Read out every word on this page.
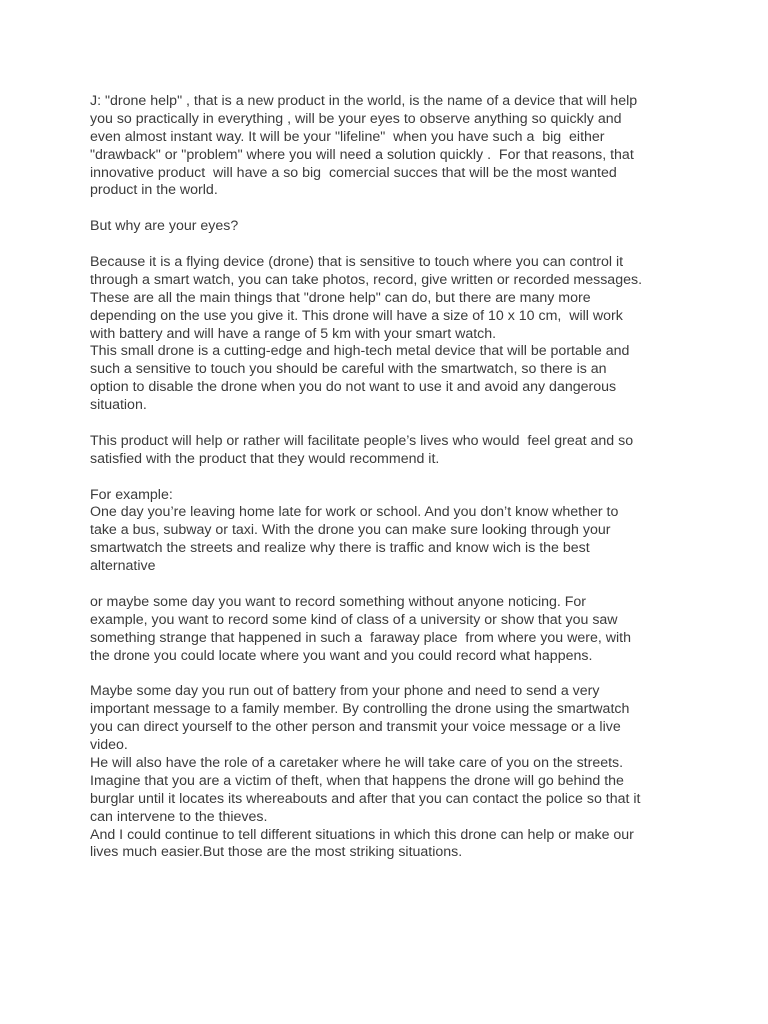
J: "drone help" , that is a new product in the world, is the name of a device that will help
you so practically in everything , will be your eyes to observe anything so quickly and
even almost instant way. It will be your "lifeline"  when you have such a  big  either
"drawback" or "problem" where you will need a solution quickly .  For that reasons, that
innovative product  will have a so big  comercial succes that will be the most wanted
product in the world.
But why are your eyes?
Because it is a flying device (drone) that is sensitive to touch where you can control it
through a smart watch, you can take photos, record, give written or recorded messages.
These are all the main things that "drone help" can do, but there are many more
depending on the use you give it. This drone will have a size of 10 x 10 cm,  will work
with battery and will have a range of 5 km with your smart watch.
This small drone is a cutting-edge and high-tech metal device that will be portable and
such a sensitive to touch you should be careful with the smartwatch, so there is an
option to disable the drone when you do not want to use it and avoid any dangerous
situation.
This product will help or rather will facilitate people’s lives who would  feel great and so
satisfied with the product that they would recommend it.
For example:
One day you’re leaving home late for work or school. And you don’t know whether to
take a bus, subway or taxi. With the drone you can make sure looking through your
smartwatch the streets and realize why there is traffic and know wich is the best
alternative
or maybe some day you want to record something without anyone noticing. For
example, you want to record some kind of class of a university or show that you saw
something strange that happened in such a  faraway place  from where you were, with
the drone you could locate where you want and you could record what happens.
Maybe some day you run out of battery from your phone and need to send a very
important message to a family member. By controlling the drone using the smartwatch
you can direct yourself to the other person and transmit your voice message or a live
video.
He will also have the role of a caretaker where he will take care of you on the streets.
Imagine that you are a victim of theft, when that happens the drone will go behind the
burglar until it locates its whereabouts and after that you can contact the police so that it
can intervene to the thieves.
And I could continue to tell different situations in which this drone can help or make our
lives much easier.But those are the most striking situations.
